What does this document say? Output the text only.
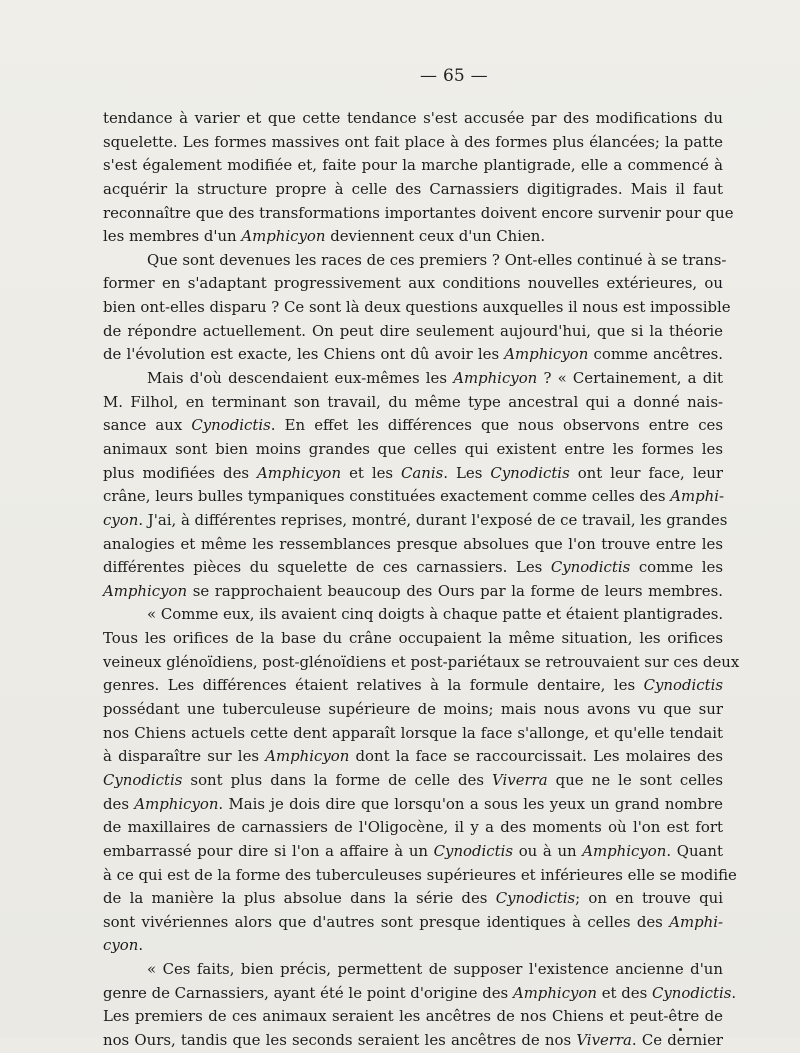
— 65 —
tendance à varier et que cette tendance s'est accusée par des modifications du
squelette. Les formes massives ont fait place à des formes plus élancées; la patte
s'est également modifiée et, faite pour la marche plantigrade, elle a commencé à
acquérir la structure propre à celle des Carnassiers digitigrades. Mais il faut
reconnaître que des transformations importantes doivent encore survenir pour que
les membres d'un Amphicyon deviennent ceux d'un Chien.
Que sont devenues les races de ces premiers ? Ont-elles continué à se trans-
former en s'adaptant progressivement aux conditions nouvelles extérieures, ou
bien ont-elles disparu ? Ce sont là deux questions auxquelles il nous est impossible
de répondre actuellement. On peut dire seulement aujourd'hui, que si la théorie
de l'évolution est exacte, les Chiens ont dû avoir les Amphicyon comme ancêtres.
Mais d'où descendaient eux-mêmes les Amphicyon ? « Certainement, a dit
M. Filhol, en terminant son travail, du même type ancestral qui a donné nais-
sance aux Cynodictis. En effet les différences que nous observons entre ces
animaux sont bien moins grandes que celles qui existent entre les formes les
plus modifiées des Amphicyon et les Canis. Les Cynodictis ont leur face, leur
crâne, leurs bulles tympaniques constituées exactement comme celles des Amphi-
cyon. J'ai, à différentes reprises, montré, durant l'exposé de ce travail, les grandes
analogies et même les ressemblances presque absolues que l'on trouve entre les
différentes pièces du squelette de ces carnassiers. Les Cynodictis comme les
Amphicyon se rapprochaient beaucoup des Ours par la forme de leurs membres.
« Comme eux, ils avaient cinq doigts à chaque patte et étaient plantigrades.
Tous les orifices de la base du crâne occupaient la même situation, les orifices
veineux glénoïdiens, post-glénoïdiens et post-pariétaux se retrouvaient sur ces deux
genres. Les différences étaient relatives à la formule dentaire, les Cynodictis
possédant une tuberculeuse supérieure de moins; mais nous avons vu que sur
nos Chiens actuels cette dent apparaît lorsque la face s'allonge, et qu'elle tendait
à disparaître sur les Amphicyon dont la face se raccourcissait. Les molaires des
Cynodictis sont plus dans la forme de celle des Viverra que ne le sont celles
des Amphicyon. Mais je dois dire que lorsqu'on a sous les yeux un grand nombre
de maxillaires de carnassiers de l'Oligocène, il y a des moments où l'on est fort
embarrassé pour dire si l'on a affaire à un Cynodictis ou à un Amphicyon. Quant
à ce qui est de la forme des tuberculeuses supérieures et inférieures elle se modifie
de la manière la plus absolue dans la série des Cynodictis; on en trouve qui
sont vivériennes alors que d'autres sont presque identiques à celles des Amphi-
cyon.
« Ces faits, bien précis, permettent de supposer l'existence ancienne d'un
genre de Carnassiers, ayant été le point d'origine des Amphicyon et des Cynodictis.
Les premiers de ces animaux seraient les ancêtres de nos Chiens et peut-être de
nos Ours, tandis que les seconds seraient les ancêtres de nos Viverra. Ce dernier
